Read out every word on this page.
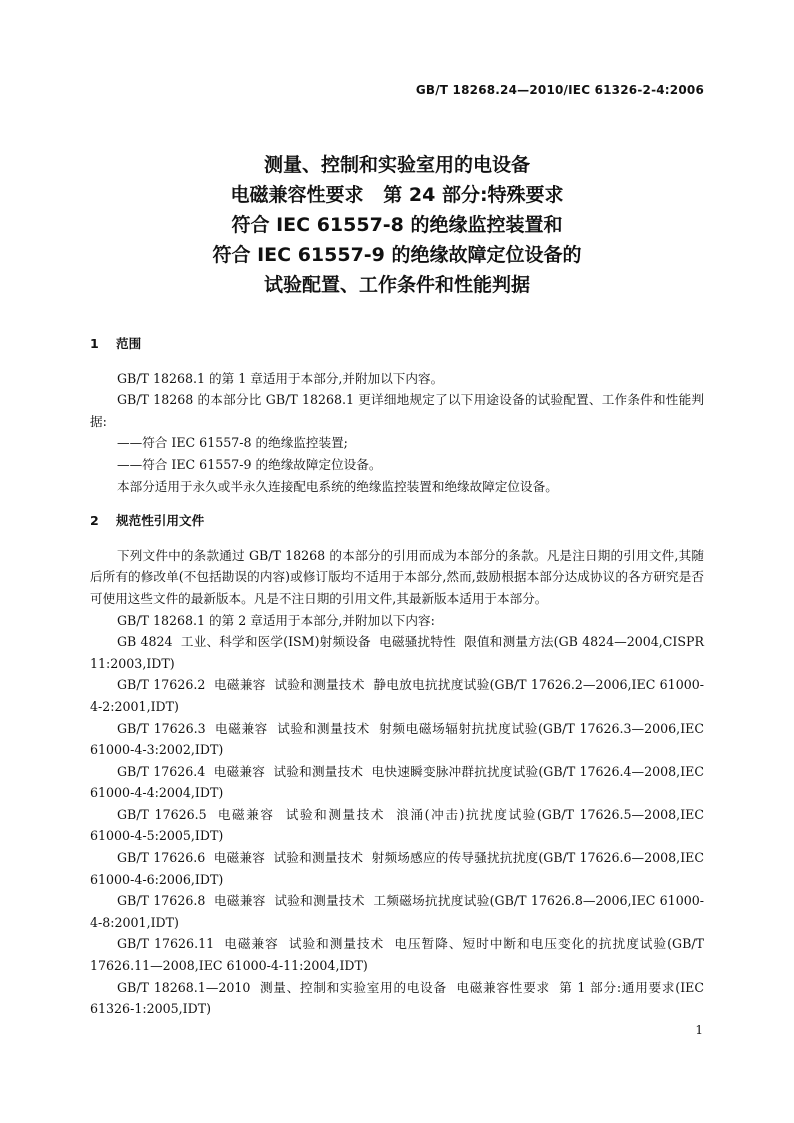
GB/T 18268.24—2010/IEC 61326-2-4:2006
测量、控制和实验室用的电设备
电磁兼容性要求   第 24 部分:特殊要求
符合 IEC 61557-8 的绝缘监控装置和
符合 IEC 61557-9 的绝缘故障定位设备的
试验配置、工作条件和性能判据
1 范围

GB/T 18268.1 的第 1 章适用于本部分,并附加以下内容。

GB/T 18268 的本部分比 GB/T 18268.1 更详细地规定了以下用途设备的试验配置、工作条件和性能判据:

——符合 IEC 61557-8 的绝缘监控装置;

——符合 IEC 61557-9 的绝缘故障定位设备。

本部分适用于永久或半永久连接配电系统的绝缘监控装置和绝缘故障定位设备。

2 规范性引用文件

下列文件中的条款通过 GB/T 18268 的本部分的引用而成为本部分的条款。凡是注日期的引用文件,其随后所有的修改单(不包括勘误的内容)或修订版均不适用于本部分,然而,鼓励根据本部分达成协议的各方研究是否可使用这些文件的最新版本。凡是不注日期的引用文件,其最新版本适用于本部分。

GB/T 18268.1 的第 2 章适用于本部分,并附加以下内容:

GB 4824  工业、科学和医学(ISM)射频设备  电磁骚扰特性  限值和测量方法(GB 4824—2004,CISPR 11:2003,IDT)

GB/T 17626.2  电磁兼容  试验和测量技术  静电放电抗扰度试验(GB/T 17626.2—2006,IEC 61000-4-2:2001,IDT)

GB/T 17626.3  电磁兼容  试验和测量技术  射频电磁场辐射抗扰度试验(GB/T 17626.3—2006,IEC 61000-4-3:2002,IDT)

GB/T 17626.4  电磁兼容  试验和测量技术  电快速瞬变脉冲群抗扰度试验(GB/T 17626.4—2008,IEC 61000-4-4:2004,IDT)

GB/T 17626.5  电磁兼容  试验和测量技术  浪涌(冲击)抗扰度试验(GB/T 17626.5—2008,IEC 61000-4-5:2005,IDT)

GB/T 17626.6  电磁兼容  试验和测量技术  射频场感应的传导骚扰抗扰度(GB/T 17626.6—2008,IEC 61000-4-6:2006,IDT)

GB/T 17626.8  电磁兼容  试验和测量技术  工频磁场抗扰度试验(GB/T 17626.8—2006,IEC 61000-4-8:2001,IDT)

GB/T 17626.11  电磁兼容  试验和测量技术  电压暂降、短时中断和电压变化的抗扰度试验(GB/T 17626.11—2008,IEC 61000-4-11:2004,IDT)

GB/T 18268.1—2010  测量、控制和实验室用的电设备  电磁兼容性要求  第 1 部分:通用要求(IEC 61326-1:2005,IDT)

1
